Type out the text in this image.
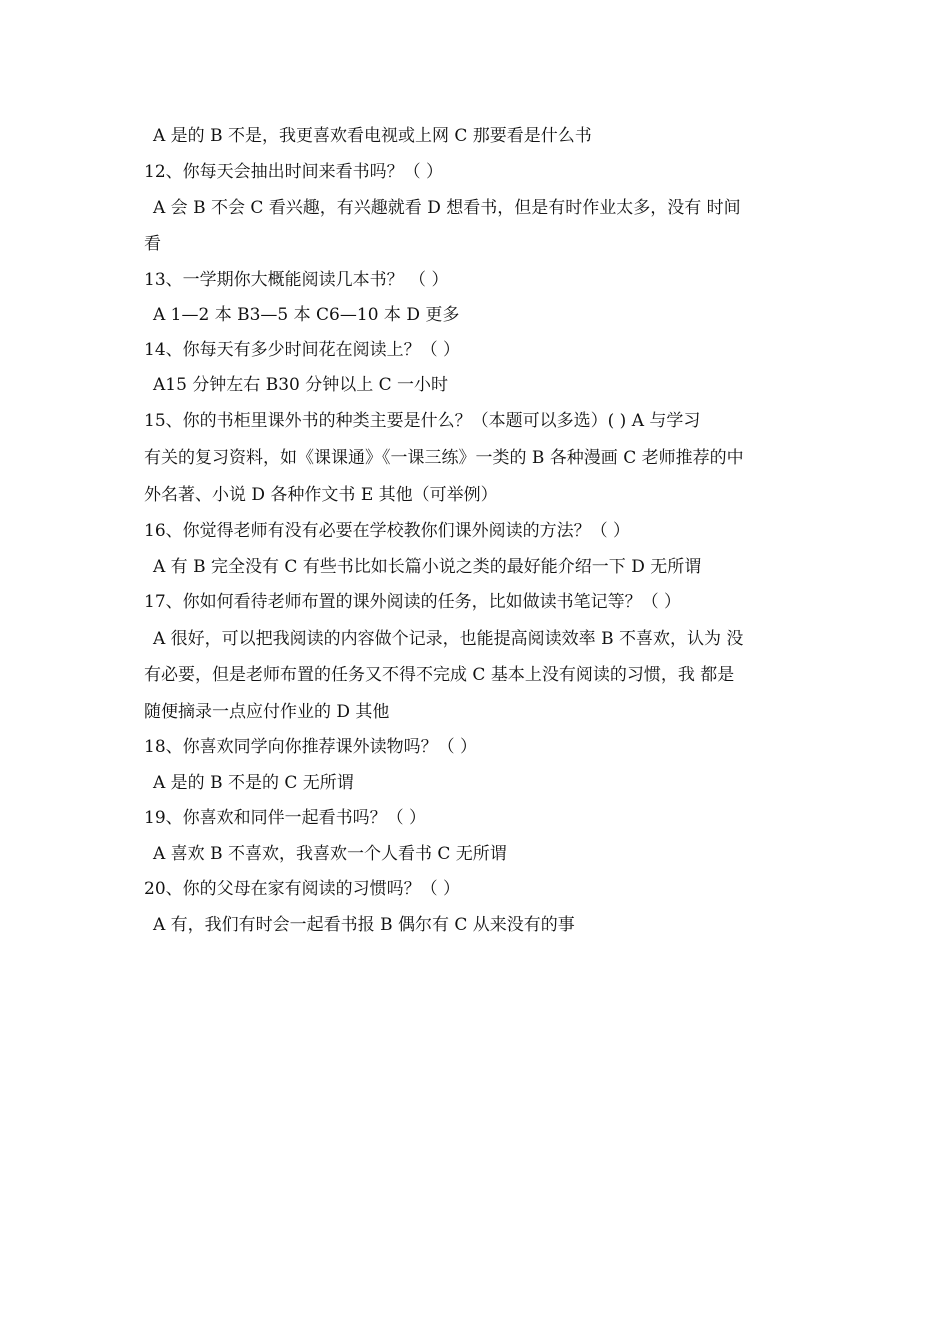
A 是的 B 不是，我更喜欢看电视或上网 C 那要看是什么书
12、你每天会抽出时间来看书吗？（ ）
A 会 B 不会 C 看兴趣，有兴趣就看 D 想看书，但是有时作业太多，没有 时间
看
13、一学期你大概能阅读几本书？ （ ）
A 1—2 本 B3—5 本 C6—10 本 D 更多
14、你每天有多少时间花在阅读上？（ ）
A15 分钟左右 B30 分钟以上 C 一小时
15、你的书柜里课外书的种类主要是什么？（本题可以多选）( ) A 与学习
有关的复习资料，如《课课通》《一课三练》一类的 B 各种漫画 C 老师推荐的中
外名著、小说 D 各种作文书 E 其他（可举例）
16、你觉得老师有没有必要在学校教你们课外阅读的方法？（ ）
A 有 B 完全没有 C 有些书比如长篇小说之类的最好能介绍一下 D 无所谓
17、你如何看待老师布置的课外阅读的任务，比如做读书笔记等？（ ）
A 很好，可以把我阅读的内容做个记录，也能提高阅读效率 B 不喜欢，认为 没
有必要，但是老师布置的任务又不得不完成 C 基本上没有阅读的习惯，我 都是
随便摘录一点应付作业的 D 其他
18、你喜欢同学向你推荐课外读物吗？（ ）
A 是的 B 不是的 C 无所谓
19、你喜欢和同伴一起看书吗？（ ）
A 喜欢 B 不喜欢，我喜欢一个人看书 C 无所谓
20、你的父母在家有阅读的习惯吗？（ ）
A 有，我们有时会一起看书报 B 偶尔有 C 从来没有的事
